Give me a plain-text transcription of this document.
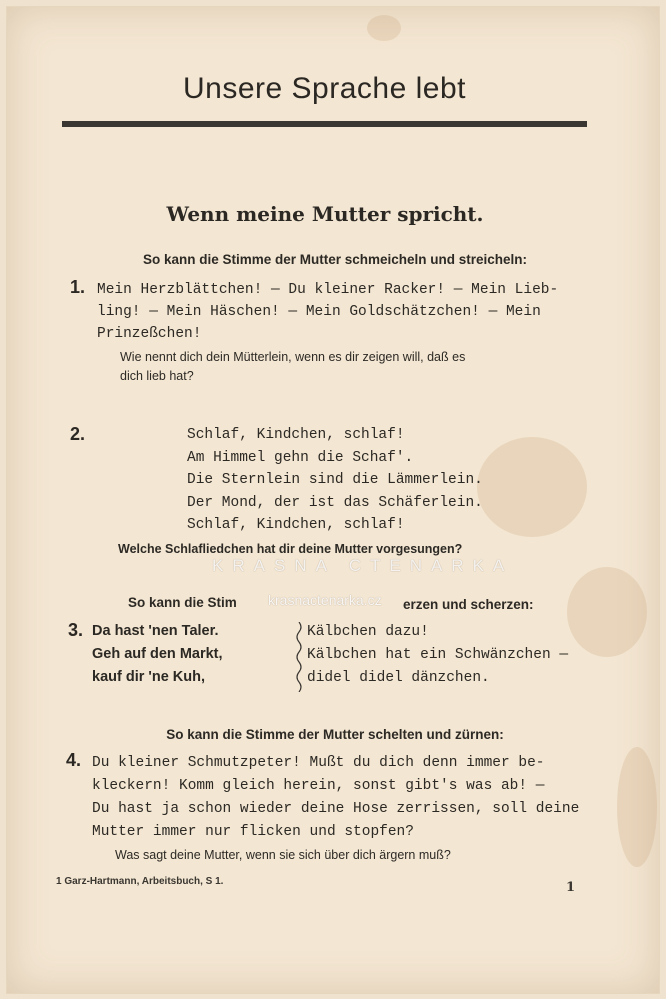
Unsere Sprache lebt
Wenn meine Mutter spricht.
So kann die Stimme der Mutter schmeicheln und streicheln:
1. Mein Herzblättchen! — Du kleiner Racker! — Mein Lieb-
ling! — Mein Häschen! — Mein Goldschätzchen! — Mein
Prinzeßchen!
Wie nennt dich dein Mütterlein, wenn es dir zeigen will, daß es
dich lieb hat?
2.	Schlaf, Kindchen, schlaf!
Am Himmel gehn die Schaf'.
Die Sternlein sind die Lämmerlein.
Der Mond, der ist das Schäferlein.
Schlaf, Kindchen, schlaf!
Welche Schlafliedchen hat dir deine Mutter vorgesungen?
KRASNA CTENARKA
So kann die Stim krasnactenarka.cz erzen und scherzen:
3. Da hast 'nen Taler.
Geh auf den Markt,
kauf dir 'ne Kuh,
Kälbchen dazu!
Kälbchen hat ein Schwänzchen —
didel didel dänzchen.
So kann die Stimme der Mutter schelten und zürnen:
4. Du kleiner Schmutzpeter! Mußt du dich denn immer be-
kleckern! Komm gleich herein, sonst gibt's was ab! —
Du hast ja schon wieder deine Hose zerrissen, soll deine
Mutter immer nur flicken und stopfen?
Was sagt deine Mutter, wenn sie sich über dich ärgern muß?
1 Garz-Hartmann, Arbeitsbuch, S 1.	1
